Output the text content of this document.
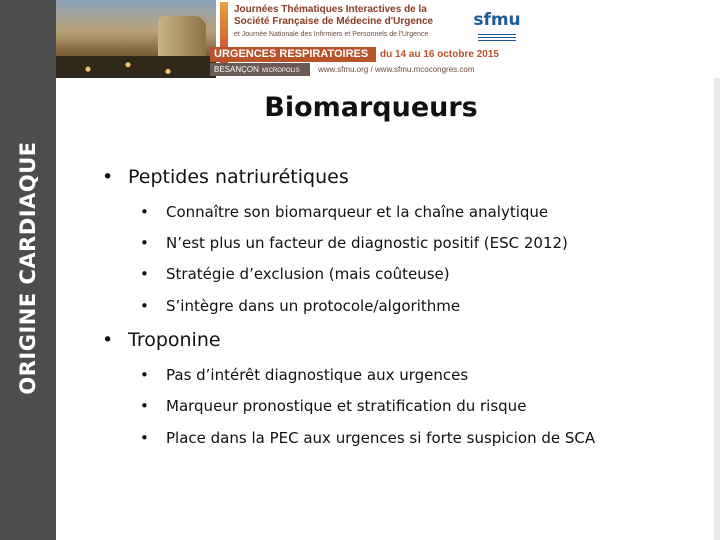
ORIGINE CARDIAQUE
Journées Thématiques Interactives de la
Société Française de Médecine d'Urgence
et Journée Nationale des Infirmiers et Personnels de l'Urgence
URGENCES RESPIRATOIRES	du 14 au 16 octobre 2015
BESANÇON MICROPOLIS	www.sfmu.org / www.sfmu.mcocongres.com
sfmu
Biomarqueurs
• Peptides natriurétiques
• Connaître son biomarqueur et la chaîne analytique
• N’est plus un facteur de diagnostic positif (ESC 2012)
• Stratégie d’exclusion (mais coûteuse)
• S’intègre dans un protocole/algorithme
• Troponine
• Pas d’intérêt diagnostique aux urgences
• Marqueur pronostique et stratification du risque
• Place dans la PEC aux urgences si forte suspicion de SCA
